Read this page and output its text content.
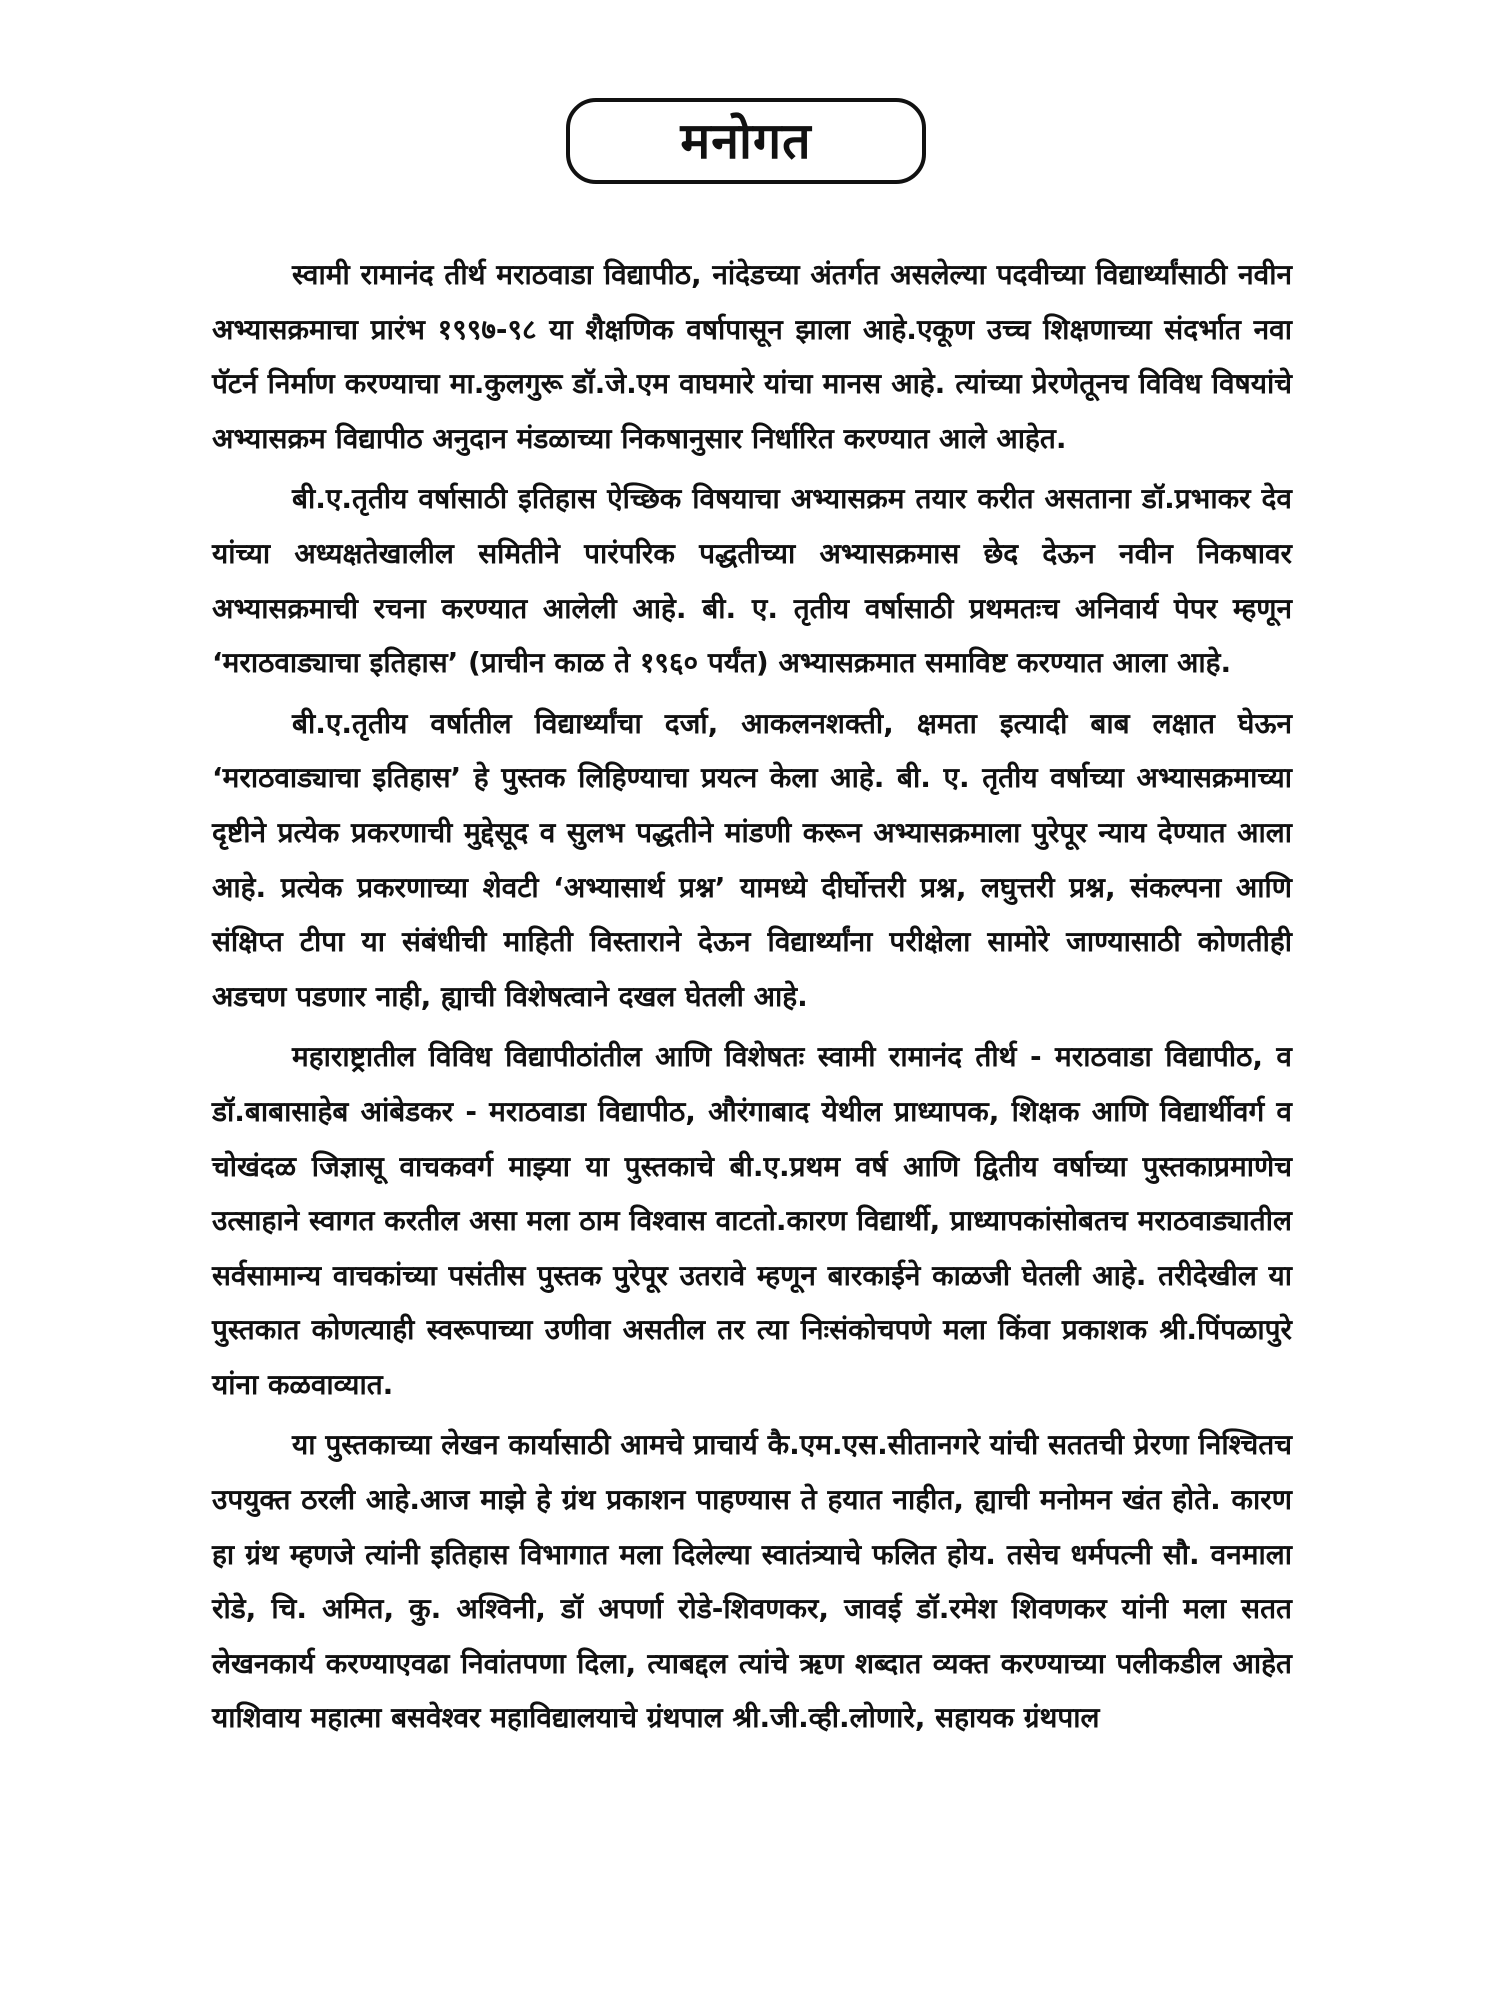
मनोगत

स्वामी रामानंद तीर्थ मराठवाडा विद्यापीठ, नांदेडच्या अंतर्गत असलेल्या पदवीच्या विद्यार्थ्यांसाठी नवीन अभ्यासक्रमाचा प्रारंभ १९९७-९८ या शैक्षणिक वर्षापासून झाला आहे.एकूण उच्च शिक्षणाच्या संदर्भात नवा पॅटर्न निर्माण करण्याचा मा.कुलगुरू डॉ.जे.एम वाघमारे यांचा मानस आहे. त्यांच्या प्रेरणेतूनच विविध विषयांचे अभ्यासक्रम विद्यापीठ अनुदान मंडळाच्या निकषानुसार निर्धारित करण्यात आले आहेत.

बी.ए.तृतीय वर्षासाठी इतिहास ऐच्छिक विषयाचा अभ्यासक्रम तयार करीत असताना डॉ.प्रभाकर देव यांच्या अध्यक्षतेखालील समितीने पारंपरिक पद्धतीच्या अभ्यासक्रमास छेद देऊन नवीन निकषावर अभ्यासक्रमाची रचना करण्यात आलेली आहे. बी. ए. तृतीय वर्षासाठी प्रथमतःच अनिवार्य पेपर म्हणून ‘मराठवाड्याचा इतिहास’ (प्राचीन काळ ते १९६० पर्यंत) अभ्यासक्रमात समाविष्ट करण्यात आला आहे.

बी.ए.तृतीय वर्षातील विद्यार्थ्यांचा दर्जा, आकलनशक्ती, क्षमता इत्यादी बाब लक्षात घेऊन ‘मराठवाड्याचा इतिहास’ हे पुस्तक लिहिण्याचा प्रयत्न केला आहे. बी. ए. तृतीय वर्षाच्या अभ्यासक्रमाच्या दृष्टीने प्रत्येक प्रकरणाची मुद्देसूद व सुलभ पद्धतीने मांडणी करून अभ्यासक्रमाला पुरेपूर न्याय देण्यात आला आहे. प्रत्येक प्रकरणाच्या शेवटी ‘अभ्यासार्थ प्रश्न’ यामध्ये दीर्घोत्तरी प्रश्न, लघुत्तरी प्रश्न, संकल्पना आणि संक्षिप्त टीपा या संबंधीची माहिती विस्ताराने देऊन विद्यार्थ्यांना परीक्षेला सामोरे जाण्यासाठी कोणतीही अडचण पडणार नाही, ह्याची विशेषत्वाने दखल घेतली आहे.

महाराष्ट्रातील विविध विद्यापीठांतील आणि विशेषतः स्वामी रामानंद तीर्थ - मराठवाडा विद्यापीठ, व डॉ.बाबासाहेब आंबेडकर - मराठवाडा विद्यापीठ, औरंगाबाद येथील प्राध्यापक, शिक्षक आणि विद्यार्थीवर्ग व चोखंदळ जिज्ञासू वाचकवर्ग माझ्या या पुस्तकाचे बी.ए.प्रथम वर्ष आणि द्वितीय वर्षाच्या पुस्तकाप्रमाणेच उत्साहाने स्वागत करतील असा मला ठाम विश्वास वाटतो.कारण विद्यार्थी, प्राध्यापकांसोबतच मराठवाड्यातील सर्वसामान्य वाचकांच्या पसंतीस पुस्तक पुरेपूर उतरावे म्हणून बारकाईने काळजी घेतली आहे. तरीदेखील या पुस्तकात कोणत्याही स्वरूपाच्या उणीवा असतील तर त्या निःसंकोचपणे मला किंवा प्रकाशक श्री.पिंपळापुरे यांना कळवाव्यात.

या पुस्तकाच्या लेखन कार्यासाठी आमचे प्राचार्य कै.एम.एस.सीतानगरे यांची सततची प्रेरणा निश्चितच उपयुक्त ठरली आहे.आज माझे हे ग्रंथ प्रकाशन पाहण्यास ते हयात नाहीत, ह्याची मनोमन खंत होते. कारण हा ग्रंथ म्हणजे त्यांनी इतिहास विभागात मला दिलेल्या स्वातंत्र्याचे फलित होय. तसेच धर्मपत्नी सौ. वनमाला रोडे, चि. अमित, कु. अश्विनी, डॉ अपर्णा रोडे-शिवणकर, जावई डॉ.रमेश शिवणकर यांनी मला सतत लेखनकार्य करण्याएवढा निवांतपणा दिला, त्याबद्दल त्यांचे ऋण शब्दात व्यक्त करण्याच्या पलीकडील आहेत याशिवाय महात्मा बसवेश्वर महाविद्यालयाचे ग्रंथपाल श्री.जी.व्ही.लोणारे, सहायक ग्रंथपाल
